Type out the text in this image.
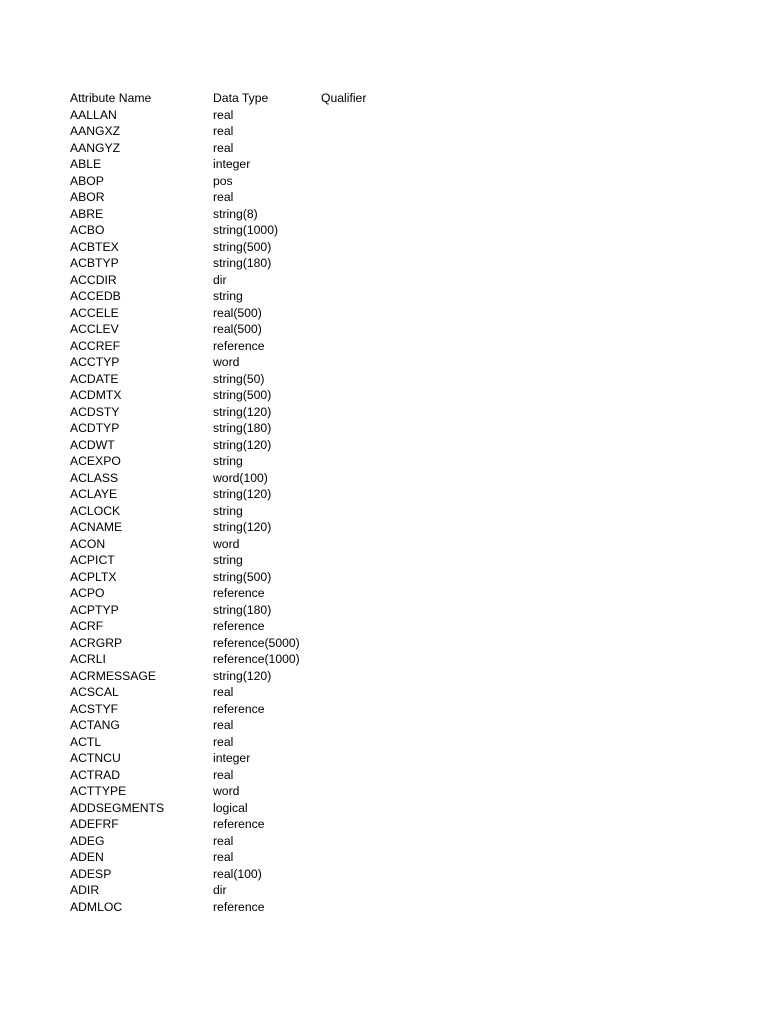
Attribute Name	Data Type	Qualifier
AALLAN	real
AANGXZ	real
AANGYZ	real
ABLE	integer
ABOP	pos
ABOR	real
ABRE	string(8)
ACBO	string(1000)
ACBTEX	string(500)
ACBTYP	string(180)
ACCDIR	dir
ACCEDB	string
ACCELE	real(500)
ACCLEV	real(500)
ACCREF	reference
ACCTYP	word
ACDATE	string(50)
ACDMTX	string(500)
ACDSTY	string(120)
ACDTYP	string(180)
ACDWT	string(120)
ACEXPO	string
ACLASS	word(100)
ACLAYE	string(120)
ACLOCK	string
ACNAME	string(120)
ACON	word
ACPICT	string
ACPLTX	string(500)
ACPO	reference
ACPTYP	string(180)
ACRF	reference
ACRGRP	reference(5000)
ACRLI	reference(1000)
ACRMESSAGE	string(120)
ACSCAL	real
ACSTYF	reference
ACTANG	real
ACTL	real
ACTNCU	integer
ACTRAD	real
ACTTYPE	word
ADDSEGMENTS	logical
ADEFRF	reference
ADEG	real
ADEN	real
ADESP	real(100)
ADIR	dir
ADMLOC	reference
